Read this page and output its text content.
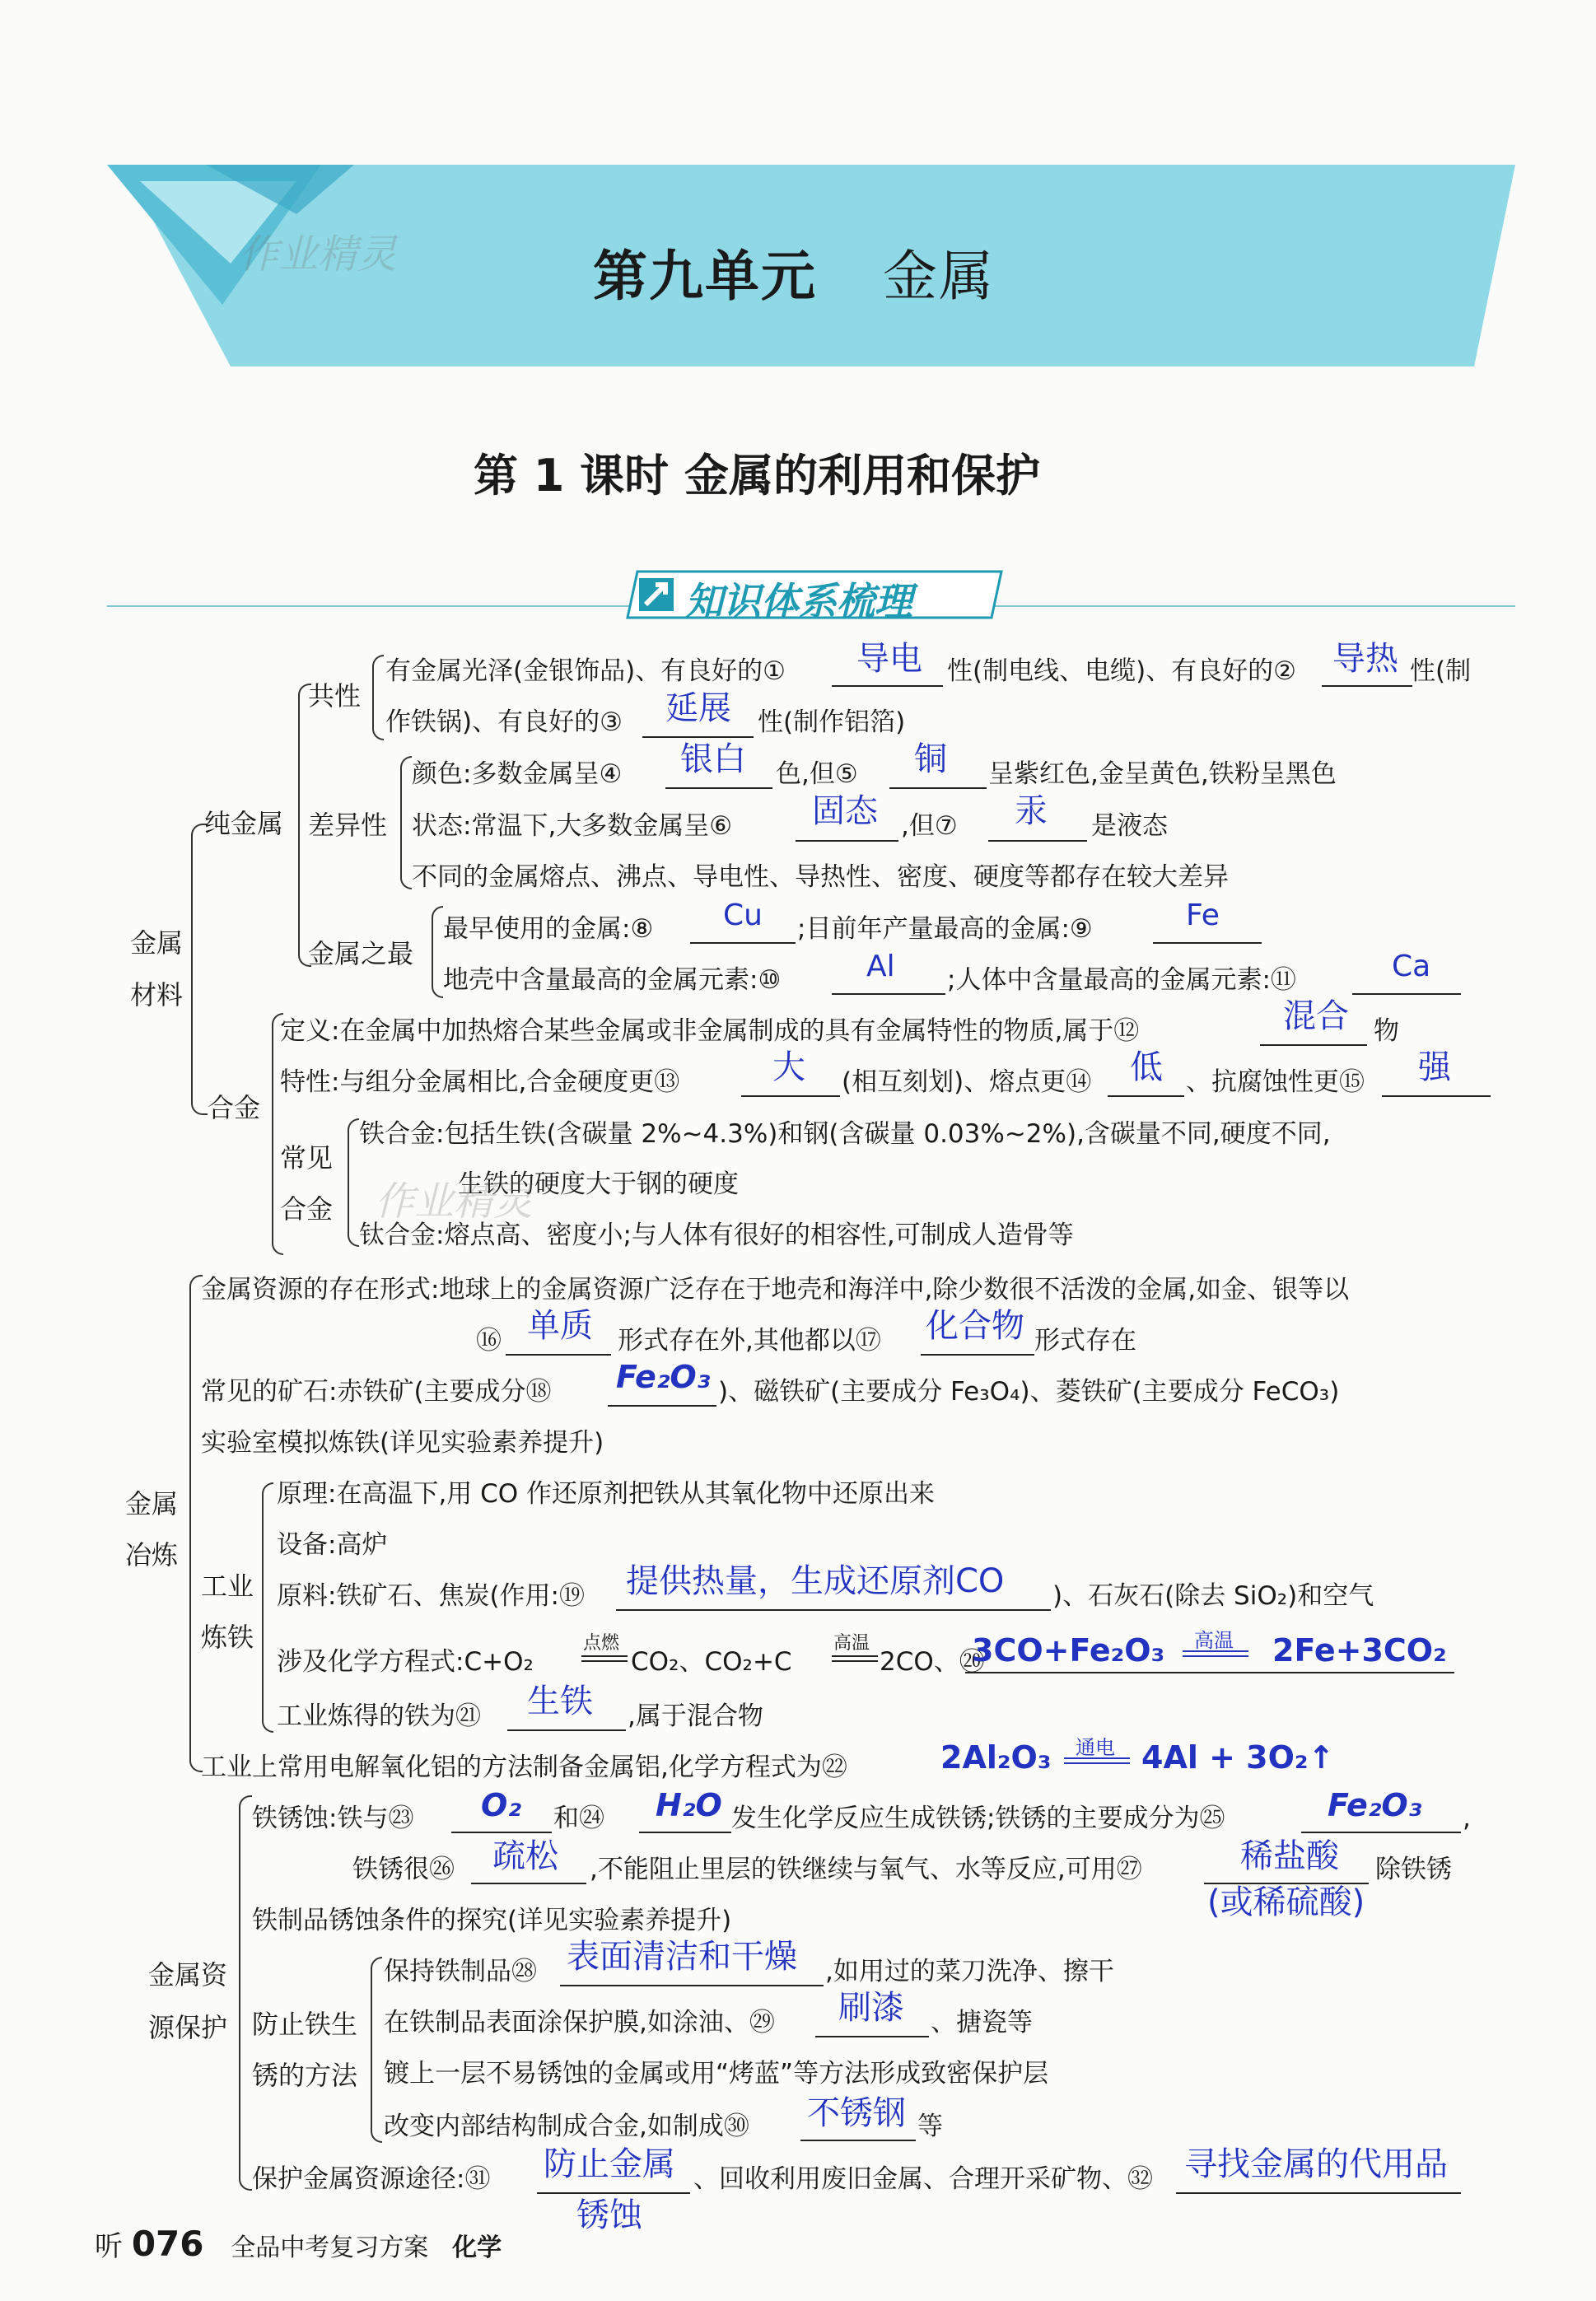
作业精灵	第九单元 金属
第 1 课时 金属的利用和保护
知识体系梳理
金属
材料
纯金属
共性
有金属光泽(金银饰品)、有良好的① 导电 性(制电线、电缆)、有良好的② 导热 性(制
作铁锅)、有良好的③ 延展 性(制作铝箔)
差异性
颜色:多数金属呈④ 银白 色,但⑤ 铜 呈紫红色,金呈黄色,铁粉呈黑色
状态:常温下,大多数金属呈⑥ 固态 ,但⑦ 汞 是液态
不同的金属熔点、沸点、导电性、导热性、密度、硬度等都存在较大差异
金属之最
最早使用的金属:⑧ Cu ;目前年产量最高的金属:⑨	Fe
地壳中含量最高的金属元素:⑩	Al ;人体中含量最高的金属元素:⑪	Ca
合金
定义:在金属中加热熔合某些金属或非金属制成的具有金属特性的物质,属于⑫	混合 物
特性:与组分金属相比,合金硬度更⑬	大 (相互刻划)、熔点更⑭ 低 、抗腐蚀性更⑮ 强
常见
合金
铁合金:包括生铁(含碳量 2%~4.3%)和钢(含碳量 0.03%~2%),含碳量不同,硬度不同,
生铁的硬度大于钢的硬度
钛合金:熔点高、密度小;与人体有很好的相容性,可制成人造骨等
作业精灵
金属
冶炼
金属资源的存在形式:地球上的金属资源广泛存在于地壳和海洋中,除少数很不活泼的金属,如金、银等以
⑯ 单质 形式存在外,其他都以⑰ 化合物 形式存在
常见的矿石:赤铁矿(主要成分⑱ Fe₂O₃ )、磁铁矿(主要成分 Fe₃O₄)、菱铁矿(主要成分 FeCO₃)
实验室模拟炼铁(详见实验素养提升)
工业
炼铁
原理:在高温下,用 CO 作还原剂把铁从其氧化物中还原出来
设备:高炉
原料:铁矿石、焦炭(作用:⑲ 提供热量，生成还原剂CO )、石灰石(除去 SiO₂)和空气
涉及化学方程式:C+O₂
点燃
CO₂、CO₂+C
高温
2CO、⑳
3CO+Fe₂O₃ 高温 2Fe+3CO₂
工业炼得的铁为㉑ 生铁 ,属于混合物
工业上常用电解氧化铝的方法制备金属铝,化学方程式为㉒	2Al₂O₃ 通电 4Al + 3O₂↑
金属资
源保护
铁锈蚀:铁与㉓ O₂ 和㉔ H₂O 发生化学反应生成铁锈;铁锈的主要成分为㉕	Fe₂O₃ ,
铁锈很㉖ 疏松 ,不能阻止里层的铁继续与氧气、水等反应,可用㉗	稀盐酸
(或稀硫酸)
除铁锈
铁制品锈蚀条件的探究(详见实验素养提升)
防止铁生
锈的方法
保持铁制品㉘ 表面清洁和干燥 ,如用过的菜刀洗净、擦干
在铁制品表面涂保护膜,如涂油、㉙ 刷漆 、搪瓷等
镀上一层不易锈蚀的金属或用“烤蓝”等方法形成致密保护层
改变内部结构制成合金,如制成㉚ 不锈钢 等
保护金属资源途径:㉛ 防止金属
锈蚀
、回收利用废旧金属、合理开采矿物、㉜ 寻找金属的代用品
听 076 全品中考复习方案 化学
